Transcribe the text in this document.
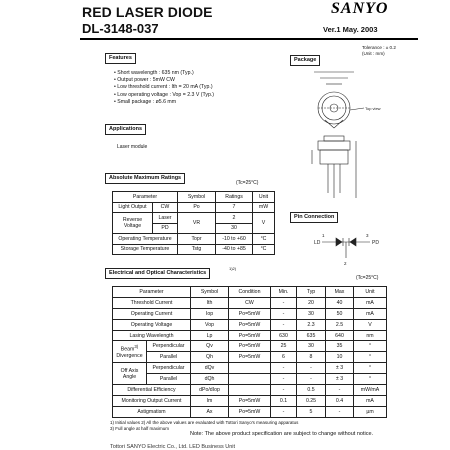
RED LASER DIODE
DL-3148-037
SANYO
Ver.1 May. 2003
Features
• Short wavelength : 635 nm (Typ.)
• Output power : 5mW CW
• Low threshold current : Ith = 20 mA (Typ.)
• Low operating voltage : Vop = 2.3 V (Typ.)
• Small package : ø5.6 mm
Applications
Laser module
Tolerance : ± 0.2
(Unit : mm)
Package
Top view
Pin Connection
LD	PD
1
2
3
Absolute Maximum Ratings
(Tc=25°C)
Parameter		Symbol	Ratings	Unit
Light Output	CW	Po	7	mW
Reverse Voltage	Laser	VR	2	V
	PD		30	
Operating Temperature		Topr	-10 to +60	°C
Storage Temperature		Tstg	-40 to +85	°C
Electrical and Optical Characteristics
1)2)
(Tc=25°C)
Parameter		Symbol	Condition	Min.	Typ	Max	Unit
Threshold Current		Ith	CW	-	20	40	mA
Operating Current		Iop	Po=5mW	-	30	50	mA
Operating Voltage		Vop	Po=5mW	-	2.3	2.5	V
Lasing Wavelength		Lp	Po=5mW	630	635	640	nm
Beam$^{3)}$
Divergence	Perpendicular	Qv	Po=5mW	25	30	35	°
	Parallel	Qh	Po=5mW	6	8	10	°
Off Axis
Angle	Perpendicular	dQv		-	-	± 3	°
	Parallel	dQh		-	-	± 3	°
Differential Efficiency		dPo/dIop		-	0.5	-	mW/mA
Monitoring Output Current		Im	Po=5mW	0.1	0.25	0.4	mA
Astigmatism		Ax	Po=5mW	-	5	-	µm
1) Initial values 2) All the above values are evaluated with Tottori Sanyo's measuring apparatus
3) Full angle at half maximum
Note: The above product specification are subject to change without notice.
Tottori SANYO Electric Co., Ltd. LED Business Unit
